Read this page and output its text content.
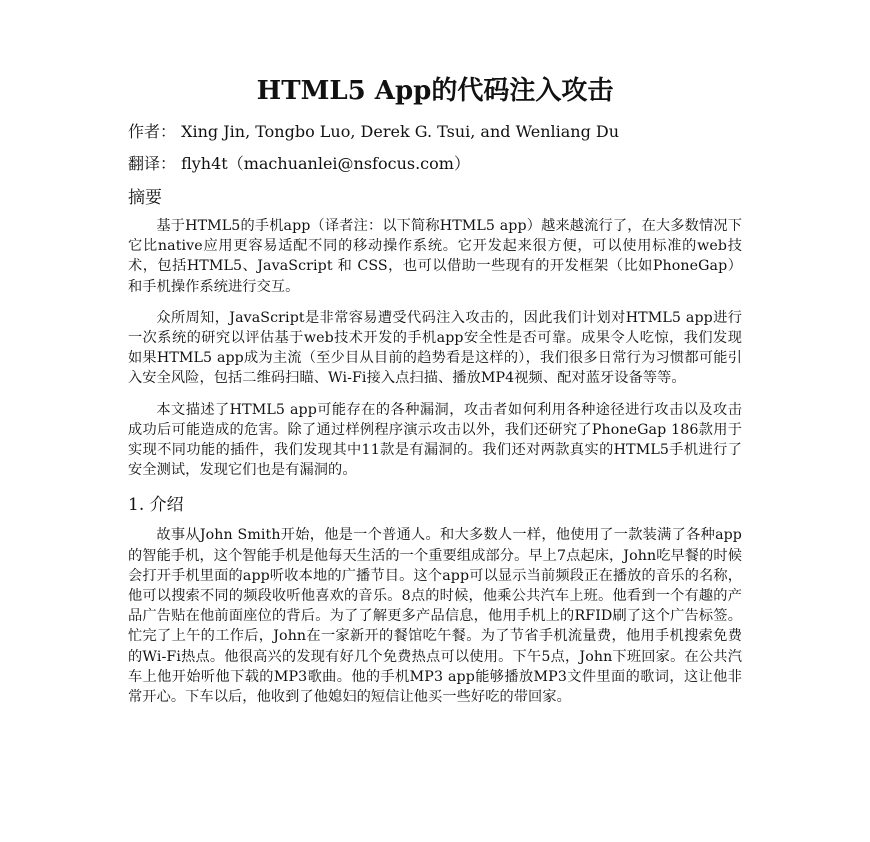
HTML5 App的代码注入攻击

作者： Xing Jin, Tongbo Luo, Derek G. Tsui, and Wenliang Du

翻译： flyh4t（machuanlei@nsfocus.com）

摘要

基于HTML5的手机app（译者注：以下简称HTML5 app）越来越流行了，在大多数情况下它比native应用更容易适配不同的移动操作系统。它开发起来很方便，可以使用标准的web技术，包括HTML5、JavaScript 和 CSS，也可以借助一些现有的开发框架（比如PhoneGap）和手机操作系统进行交互。

众所周知，JavaScript是非常容易遭受代码注入攻击的，因此我们计划对HTML5 app进行一次系统的研究以评估基于web技术开发的手机app安全性是否可靠。成果令人吃惊，我们发现如果HTML5 app成为主流（至少目从目前的趋势看是这样的），我们很多日常行为习惯都可能引入安全风险，包括二维码扫瞄、Wi-Fi接入点扫描、播放MP4视频、配对蓝牙设备等等。

本文描述了HTML5 app可能存在的各种漏洞，攻击者如何利用各种途径进行攻击以及攻击成功后可能造成的危害。除了通过样例程序演示攻击以外，我们还研究了PhoneGap 186款用于实现不同功能的插件，我们发现其中11款是有漏洞的。我们还对两款真实的HTML5手机进行了安全测试，发现它们也是有漏洞的。

1. 介绍

故事从John Smith开始，他是一个普通人。和大多数人一样，他使用了一款装满了各种app的智能手机，这个智能手机是他每天生活的一个重要组成部分。早上7点起床，John吃早餐的时候会打开手机里面的app听收本地的广播节目。这个app可以显示当前频段正在播放的音乐的名称，他可以搜索不同的频段收听他喜欢的音乐。8点的时候，他乘公共汽车上班。他看到一个有趣的产品广告贴在他前面座位的背后。为了了解更多产品信息，他用手机上的RFID刷了这个广告标签。忙完了上午的工作后，John在一家新开的餐馆吃午餐。为了节省手机流量费，他用手机搜索免费的Wi-Fi热点。他很高兴的发现有好几个免费热点可以使用。下午5点，John下班回家。在公共汽车上他开始听他下载的MP3歌曲。他的手机MP3 app能够播放MP3文件里面的歌词，这让他非常开心。下车以后，他收到了他媳妇的短信让他买一些好吃的带回家。
